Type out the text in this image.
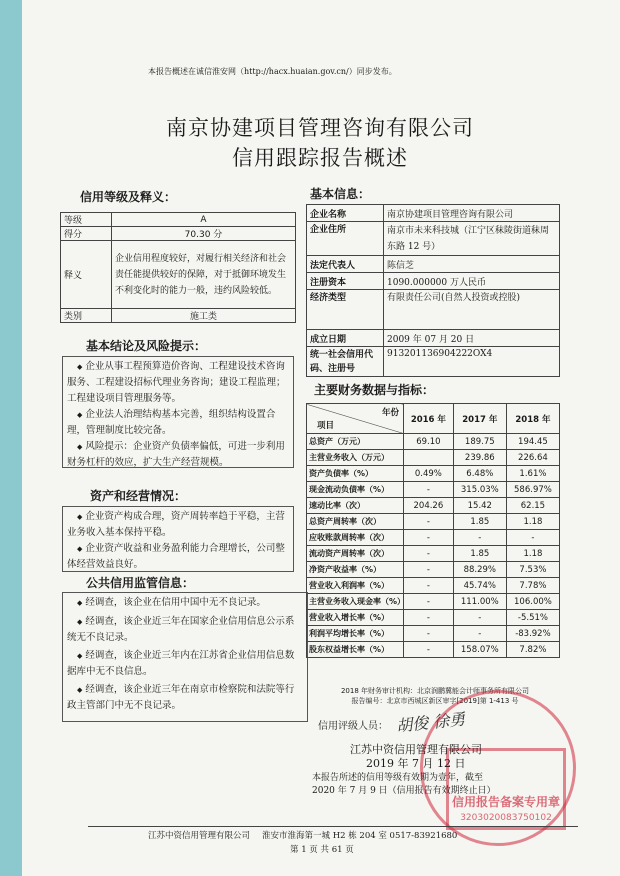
本报告概述在诚信淮安网（http://hacx.huaian.gov.cn/）同步发布。
南京协建项目管理咨询有限公司
信用跟踪报告概述
信用等级及释义：
等级	A
得分	70.30 分
释义	企业信用程度较好，对履行相关经济和社会责任能提供较好的保障，对于抵御环境发生不利变化时的能力一般，违约风险较低。
类别	施工类
基本信息：
企业名称	南京协建项目管理咨询有限公司
企业住所	南京市未来科技城（江宁区秣陵街道秣周东路 12 号）
法定代表人	陈信芝
注册资本	1090.000000 万人民币
经济类型	有限责任公司(自然人投资或控股)
成立日期	2009 年 07 月 20 日
统一社会信用代码、注册号	913201136904222OX4
基本结论及风险提示：

◆ 企业从事工程预算造价咨询、工程建设技术咨询服务、工程建设招标代理业务咨询；建设工程监理；工程建设项目管理服务等。

◆ 企业法人治理结构基本完善，组织结构设置合理，管理制度比较完备。

◆ 风险提示：企业资产负债率偏低，可进一步利用财务杠杆的效应，扩大生产经营规模。

资产和经营情况：

◆ 企业资产构成合理，资产周转率趋于平稳，主营业务收入基本保持平稳。

◆ 企业资产收益和业务盈利能力合理增长，公司整体经营效益良好。

公共信用监管信息：

◆ 经调查，该企业在信用中国中无不良记录。

◆ 经调查，该企业近三年在国家企业信用信息公示系统无不良记录。

◆ 经调查，该企业近三年内在江苏省企业信用信息数据库中无不良信息。

◆ 经调查，该企业近三年在南京市检察院和法院等行政主管部门中无不良记录。

主要财务数据与指标：
年份
项目	2016 年	2017 年	2018 年
总资产（万元）	69.10	189.75	194.45
主营业务收入（万元）		239.86	226.64
资产负债率（%）	0.49%	6.48%	1.61%
现金流动负债率（%）	-	315.03%	586.97%
速动比率（次）	204.26	15.42	62.15
总资产周转率（次）	-	1.85	1.18
应收账款周转率（次）	-	-	-
流动资产周转率（次）	-	1.85	1.18
净资产收益率（%）	-	88.29%	7.53%
营业收入利润率（%）	-	45.74%	7.78%
主营业务收入现金率（%）	-	111.00%	106.00%
营业收入增长率（%）	-	-	-5.51%
利润平均增长率（%）	-	-	-83.92%
股东权益增长率（%）	-	158.07%	7.82%
2018 年财务审计机构：北京润鹏冀能会计师事务所有限公司
报告编号：北京市西城区新区审字[2019]第 1-413 号
信用评级人员： 胡俊 徐勇
信用报告备案专用章
3203020083750102
江苏中资信用管理有限公司
2019 年 7 月 12 日
本报告所述的信用等级有效期为壹年，截至
2020 年 7 月 9 日（信用报告有效期终止日）
江苏中资信用管理有限公司 淮安市淮海第一城 H2 栋 204 室 0517-83921680
第 1 页 共 61 页
